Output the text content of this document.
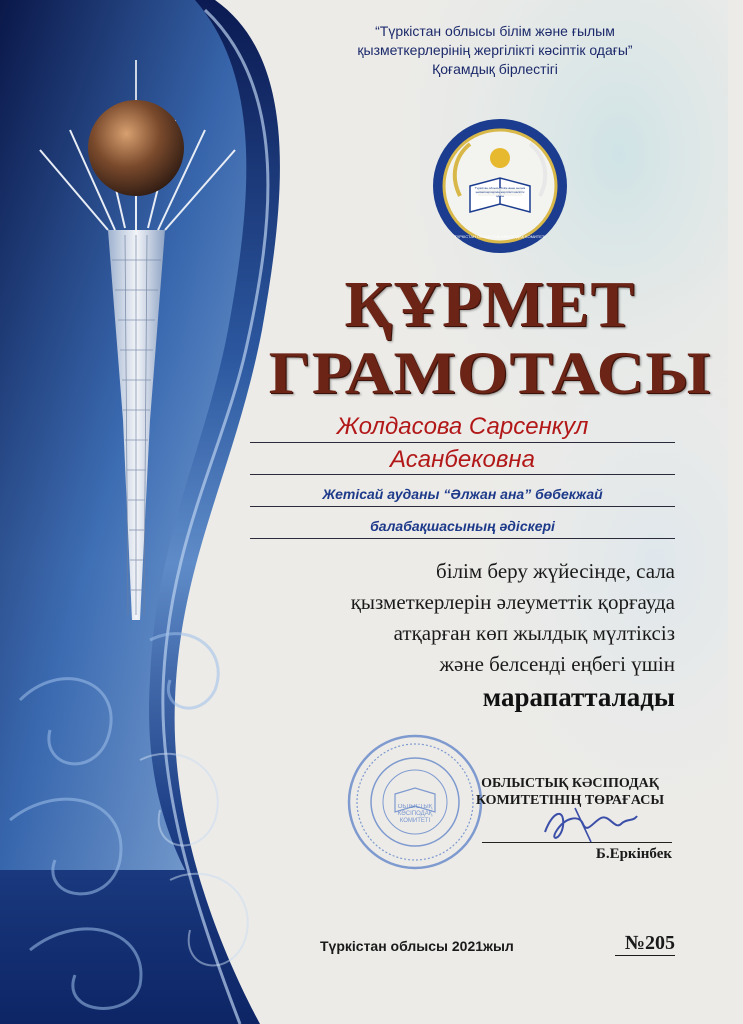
“Түркістан облысы білім және ғылым
қызметкерлерінің жергілікті кәсіптік одағы”
Қоғамдық бірлестігі
Түркістан облысы білім және ғылым қызметкерлерінің жергілікті кәсіптік одағы
ТҮРКІСТАН ОБЛЫСТЫҚ КӘСІПОДАҚ КОМИТЕТІ
ҚҰРМЕТ
ГРАМОТАСЫ
Жолдасова Сарсенкул
Асанбековна
Жетісай ауданы “Әлжан ана” бөбекжай
балабақшасының әдіскері
білім беру жүйесінде, сала
қызметкерлерін әлеуметтік қорғауда
атқарған көп жылдық мүлтіксіз
және белсенді еңбегі үшін
марапатталады
ОБЛЫСТЫҚ КӘСІПОДАҚ КОМИТЕТІ
ОБЛЫСТЫҚ КӘСІПОДАҚ
КОМИТЕТІНІҢ ТӨРАҒАСЫ
Б.Еркінбек
Түркістан облысы 2021жыл	№205
